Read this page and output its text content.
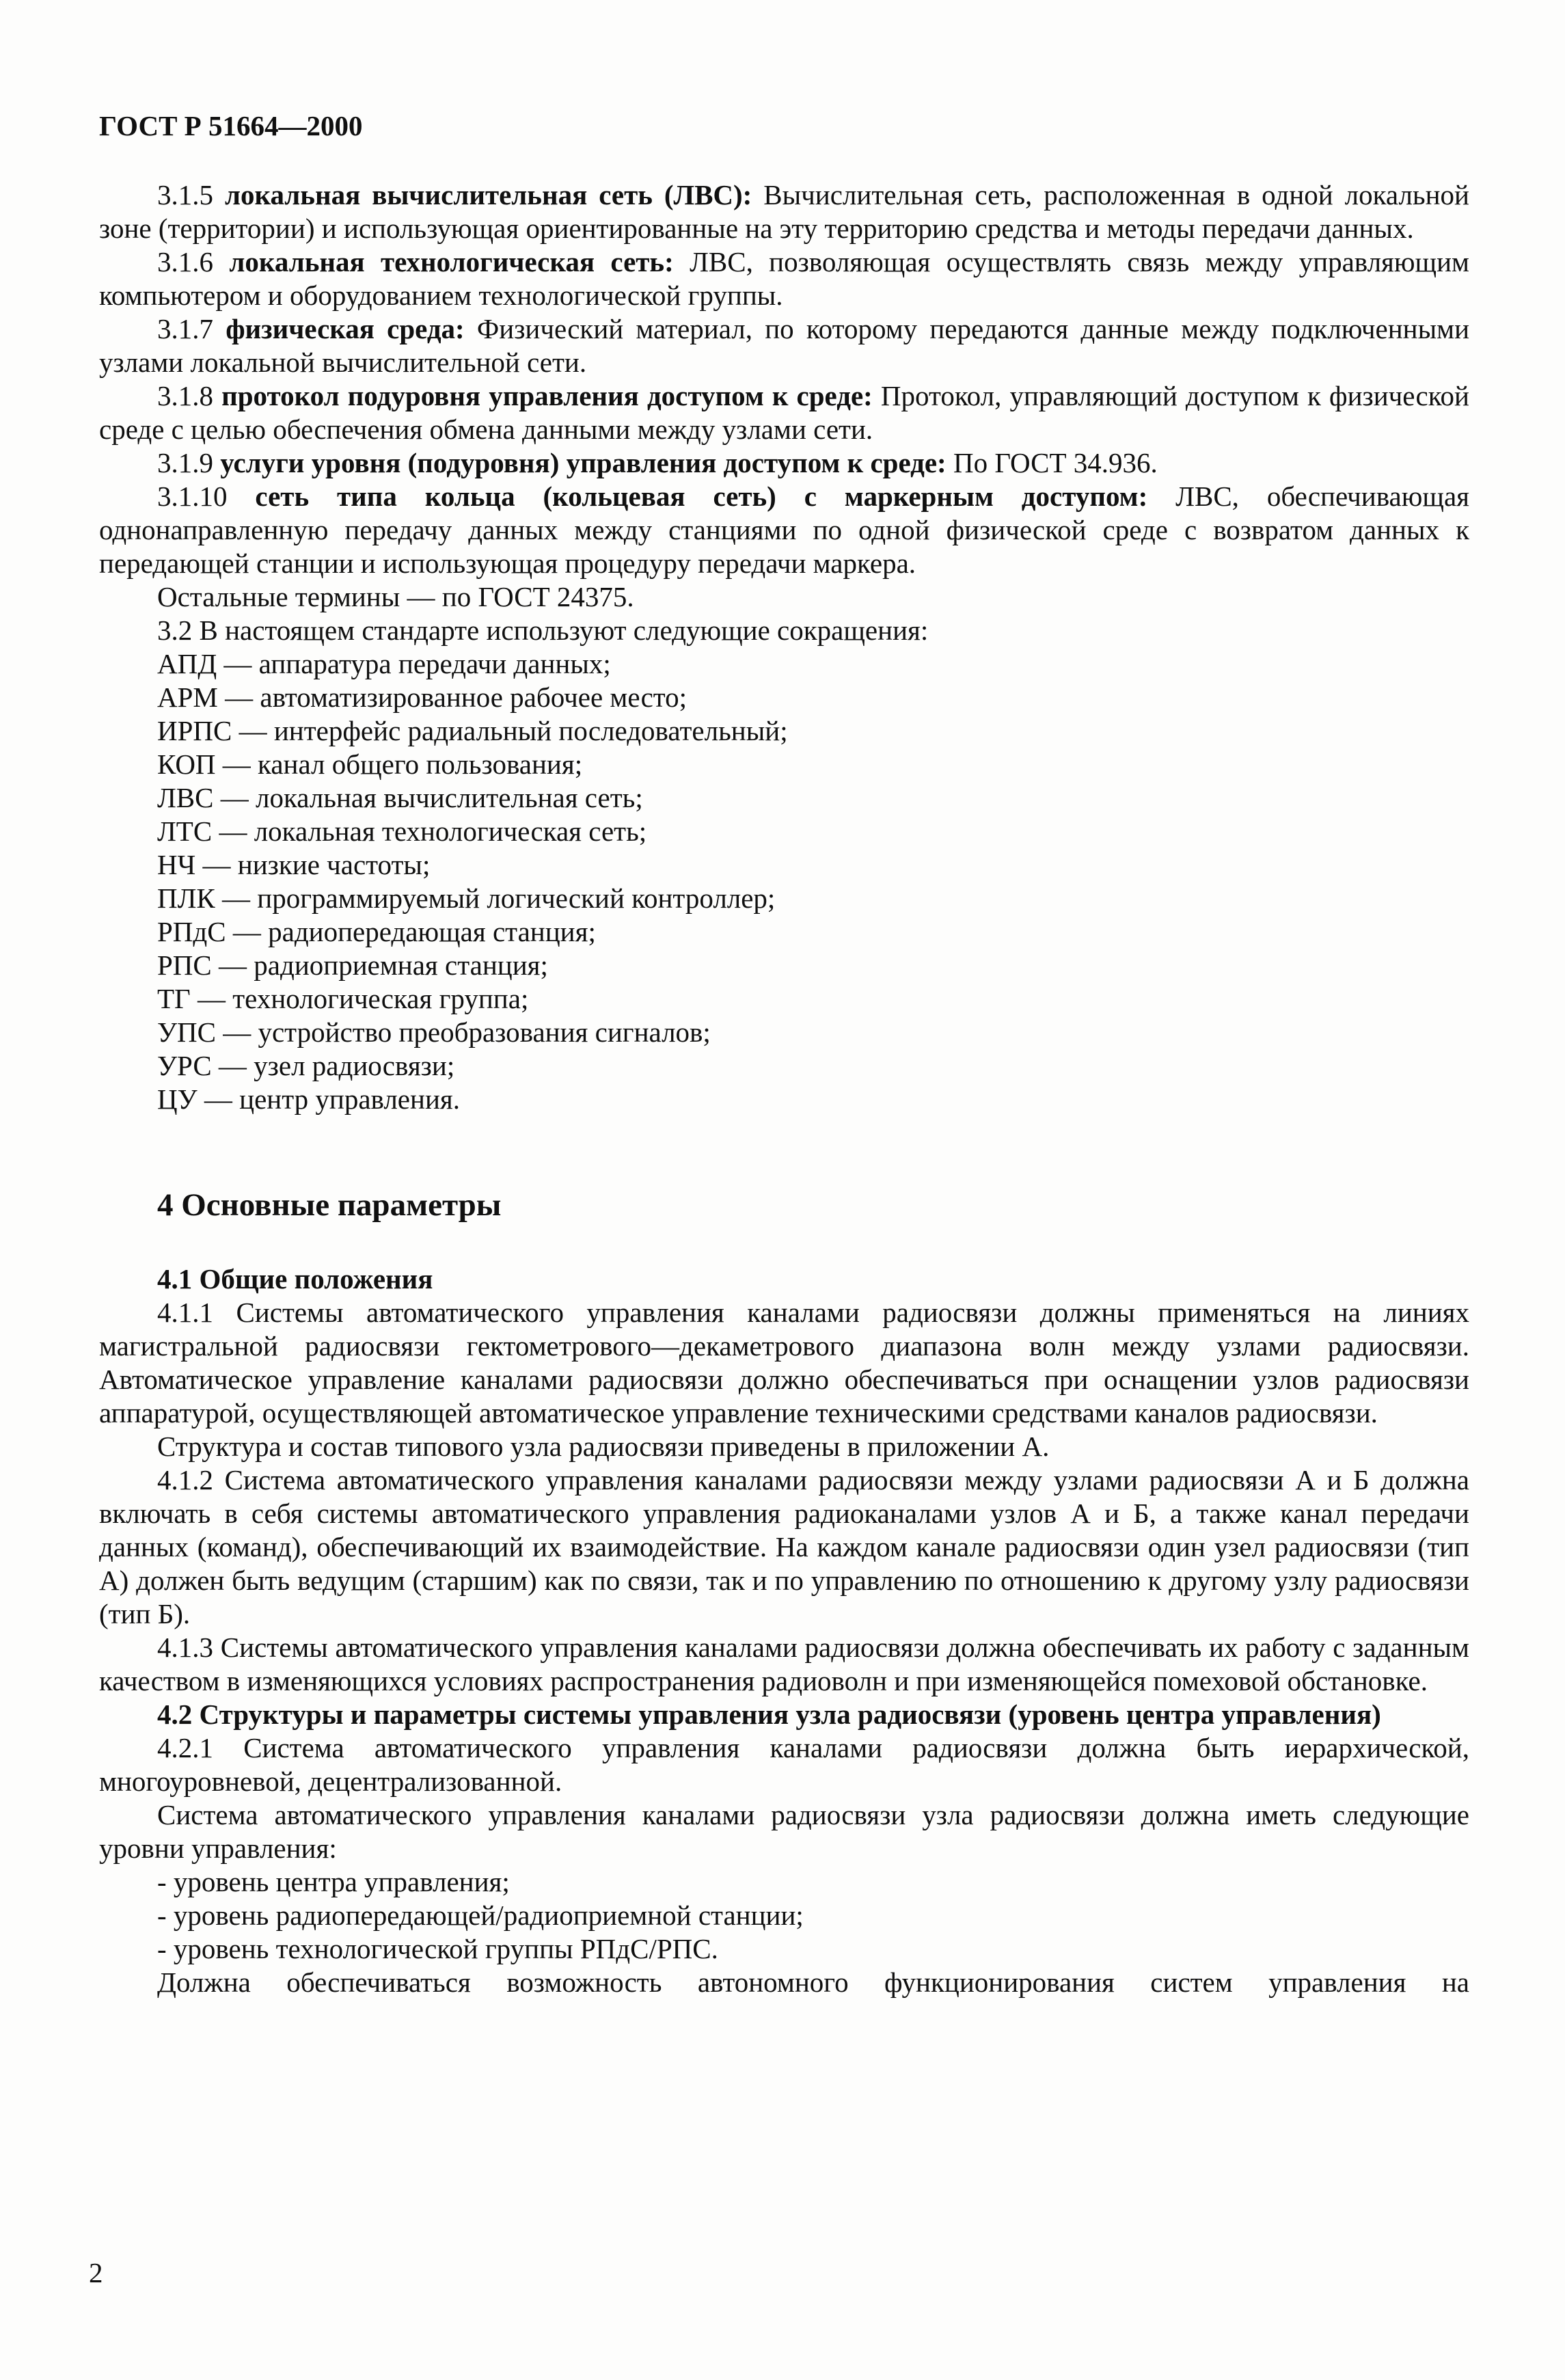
ГОСТ Р 51664—2000

3.1.5 локальная вычислительная сеть (ЛВС): Вычислительная сеть, расположенная в одной локальной зоне (территории) и использующая ориентированные на эту территорию средства и методы передачи данных.

3.1.6 локальная технологическая сеть: ЛВС, позволяющая осуществлять связь между управляющим компьютером и оборудованием технологической группы.

3.1.7 физическая среда: Физический материал, по которому передаются данные между подключенными узлами локальной вычислительной сети.

3.1.8 протокол подуровня управления доступом к среде: Протокол, управляющий доступом к физической среде с целью обеспечения обмена данными между узлами сети.

3.1.9 услуги уровня (подуровня) управления доступом к среде: По ГОСТ 34.936.

3.1.10 сеть типа кольца (кольцевая сеть) с маркерным доступом: ЛВС, обеспечивающая однонаправленную передачу данных между станциями по одной физической среде с возвратом данных к передающей станции и использующая процедуру передачи маркера.

Остальные термины — по ГОСТ 24375.

3.2 В настоящем стандарте используют следующие сокращения:

АПД — аппаратура передачи данных;

АРМ — автоматизированное рабочее место;

ИРПС — интерфейс радиальный последовательный;

КОП — канал общего пользования;

ЛВС — локальная вычислительная сеть;

ЛТС — локальная технологическая сеть;

НЧ — низкие частоты;

ПЛК — программируемый логический контроллер;

РПдС — радиопередающая станция;

РПС — радиоприемная станция;

ТГ — технологическая группа;

УПС — устройство преобразования сигналов;

УРС — узел радиосвязи;

ЦУ — центр управления.

4 Основные параметры

4.1 Общие положения

4.1.1 Системы автоматического управления каналами радиосвязи должны применяться на линиях магистральной радиосвязи гектометрового—декаметрового диапазона волн между узлами радиосвязи. Автоматическое управление каналами радиосвязи должно обеспечиваться при оснащении узлов радиосвязи аппаратурой, осуществляющей автоматическое управление техническими средствами каналов радиосвязи.

Структура и состав типового узла радиосвязи приведены в приложении А.

4.1.2 Система автоматического управления каналами радиосвязи между узлами радиосвязи А и Б должна включать в себя системы автоматического управления радиоканалами узлов А и Б, а также канал передачи данных (команд), обеспечивающий их взаимодействие. На каждом канале радиосвязи один узел радиосвязи (тип А) должен быть ведущим (старшим) как по связи, так и по управлению по отношению к другому узлу радиосвязи (тип Б).

4.1.3 Системы автоматического управления каналами радиосвязи должна обеспечивать их работу с заданным качеством в изменяющихся условиях распространения радиоволн и при изменяющейся помеховой обстановке.

4.2 Структуры и параметры системы управления узла радиосвязи (уровень центра управления)

4.2.1 Система автоматического управления каналами радиосвязи должна быть иерархической, многоуровневой, децентрализованной.

Система автоматического управления каналами радиосвязи узла радиосвязи должна иметь следующие уровни управления:

- уровень центра управления;

- уровень радиопередающей/радиоприемной станции;

- уровень технологической группы РПдС/РПС.

Должна обеспечиваться возможность автономного функционирования систем управления на

2
